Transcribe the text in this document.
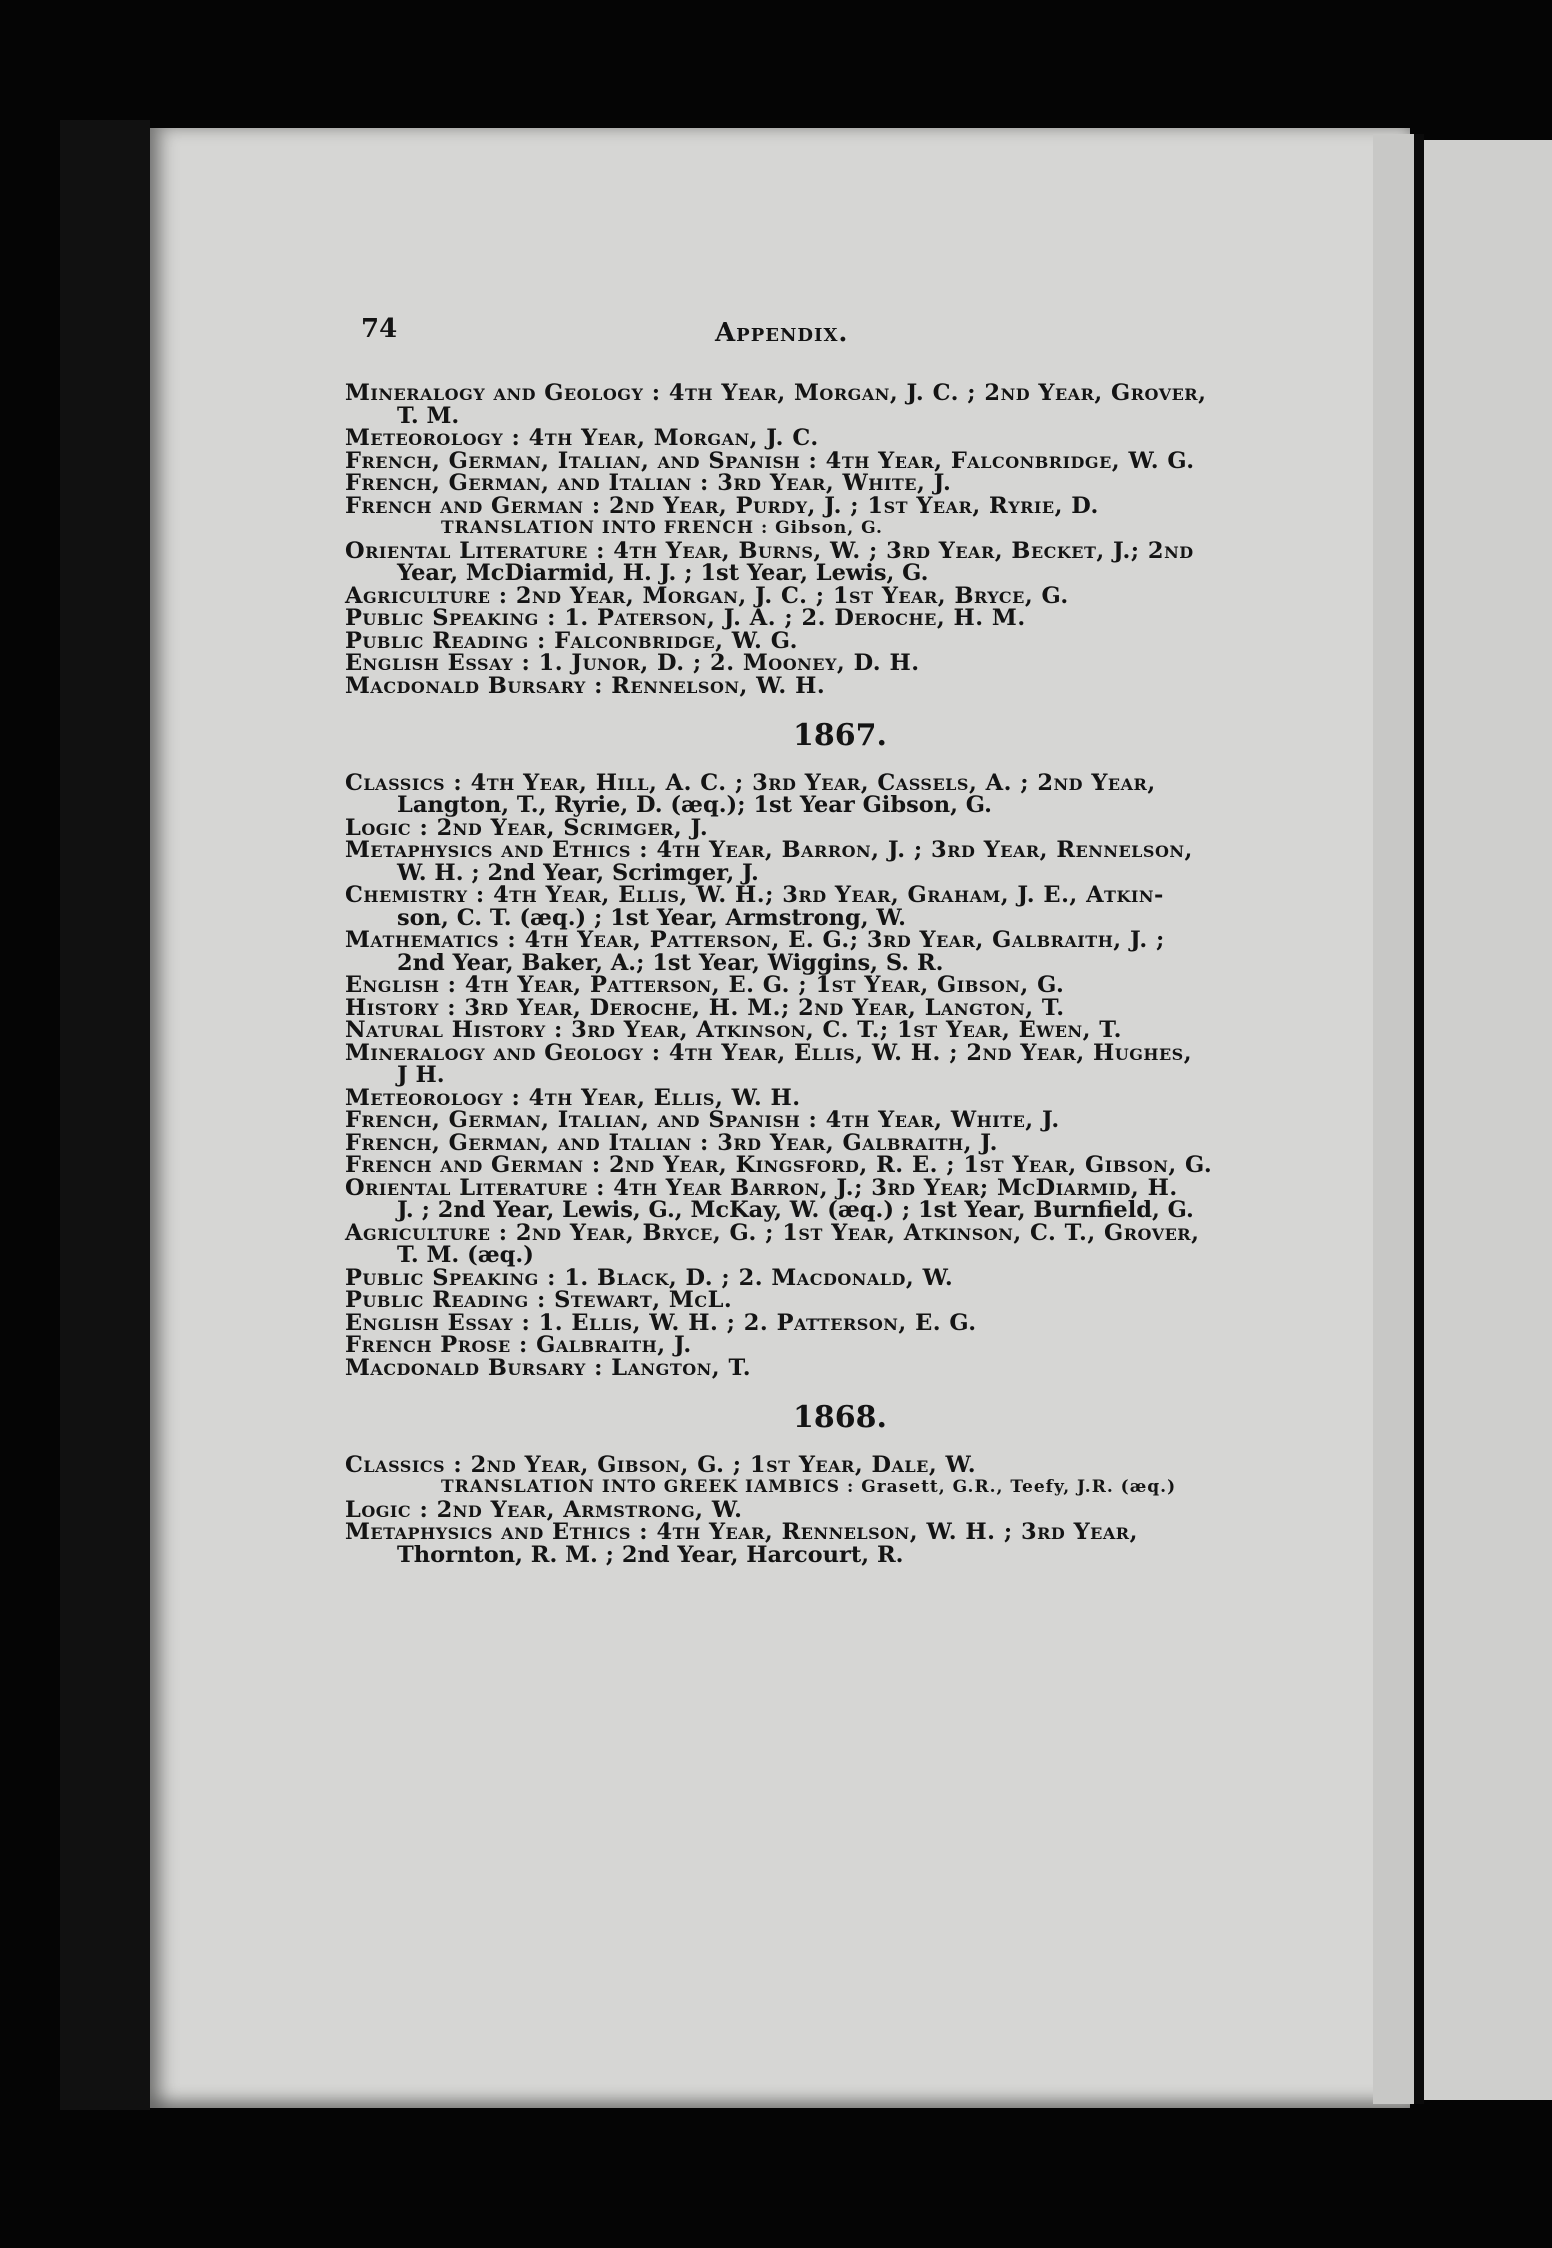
74	Appendix.
Mineralogy and Geology : 4th Year, Morgan, J. C. ; 2nd Year, Grover,
T. M.
Meteorology : 4th Year, Morgan, J. C.
French, German, Italian, and Spanish : 4th Year, Falconbridge, W. G.
French, German, and Italian : 3rd Year, White, J.
French and German : 2nd Year, Purdy, J. ; 1st Year, Ryrie, D.
TRANSLATION INTO FRENCH : Gibson, G.
Oriental Literature : 4th Year, Burns, W. ; 3rd Year, Becket, J.; 2nd
Year, McDiarmid, H. J. ; 1st Year, Lewis, G.
Agriculture : 2nd Year, Morgan, J. C. ; 1st Year, Bryce, G.
Public Speaking : 1. Paterson, J. A. ; 2. Deroche, H. M.
Public Reading : Falconbridge, W. G.
English Essay : 1. Junor, D. ; 2. Mooney, D. H.
Macdonald Bursary : Rennelson, W. H.
1867.
Classics : 4th Year, Hill, A. C. ; 3rd Year, Cassels, A. ; 2nd Year,
Langton, T., Ryrie, D. (æq.); 1st Year Gibson, G.
Logic : 2nd Year, Scrimger, J.
Metaphysics and Ethics : 4th Year, Barron, J. ; 3rd Year, Rennelson,
W. H. ; 2nd Year, Scrimger, J.
Chemistry : 4th Year, Ellis, W. H.; 3rd Year, Graham, J. E., Atkin-
son, C. T. (æq.) ; 1st Year, Armstrong, W.
Mathematics : 4th Year, Patterson, E. G.; 3rd Year, Galbraith, J. ;
2nd Year, Baker, A.; 1st Year, Wiggins, S. R.
English : 4th Year, Patterson, E. G. ; 1st Year, Gibson, G.
History : 3rd Year, Deroche, H. M.; 2nd Year, Langton, T.
Natural History : 3rd Year, Atkinson, C. T.; 1st Year, Ewen, T.
Mineralogy and Geology : 4th Year, Ellis, W. H. ; 2nd Year, Hughes,
J H.
Meteorology : 4th Year, Ellis, W. H.
French, German, Italian, and Spanish : 4th Year, White, J.
French, German, and Italian : 3rd Year, Galbraith, J.
French and German : 2nd Year, Kingsford, R. E. ; 1st Year, Gibson, G.
Oriental Literature : 4th Year Barron, J.; 3rd Year; McDiarmid, H.
J. ; 2nd Year, Lewis, G., McKay, W. (æq.) ; 1st Year, Burnfield, G.
Agriculture : 2nd Year, Bryce, G. ; 1st Year, Atkinson, C. T., Grover,
T. M. (æq.)
Public Speaking : 1. Black, D. ; 2. Macdonald, W.
Public Reading : Stewart, McL.
English Essay : 1. Ellis, W. H. ; 2. Patterson, E. G.
French Prose : Galbraith, J.
Macdonald Bursary : Langton, T.
1868.
Classics : 2nd Year, Gibson, G. ; 1st Year, Dale, W.
TRANSLATION INTO GREEK IAMBICS : Grasett, G.R., Teefy, J.R. (æq.)
Logic : 2nd Year, Armstrong, W.
Metaphysics and Ethics : 4th Year, Rennelson, W. H. ; 3rd Year,
Thornton, R. M. ; 2nd Year, Harcourt, R.
